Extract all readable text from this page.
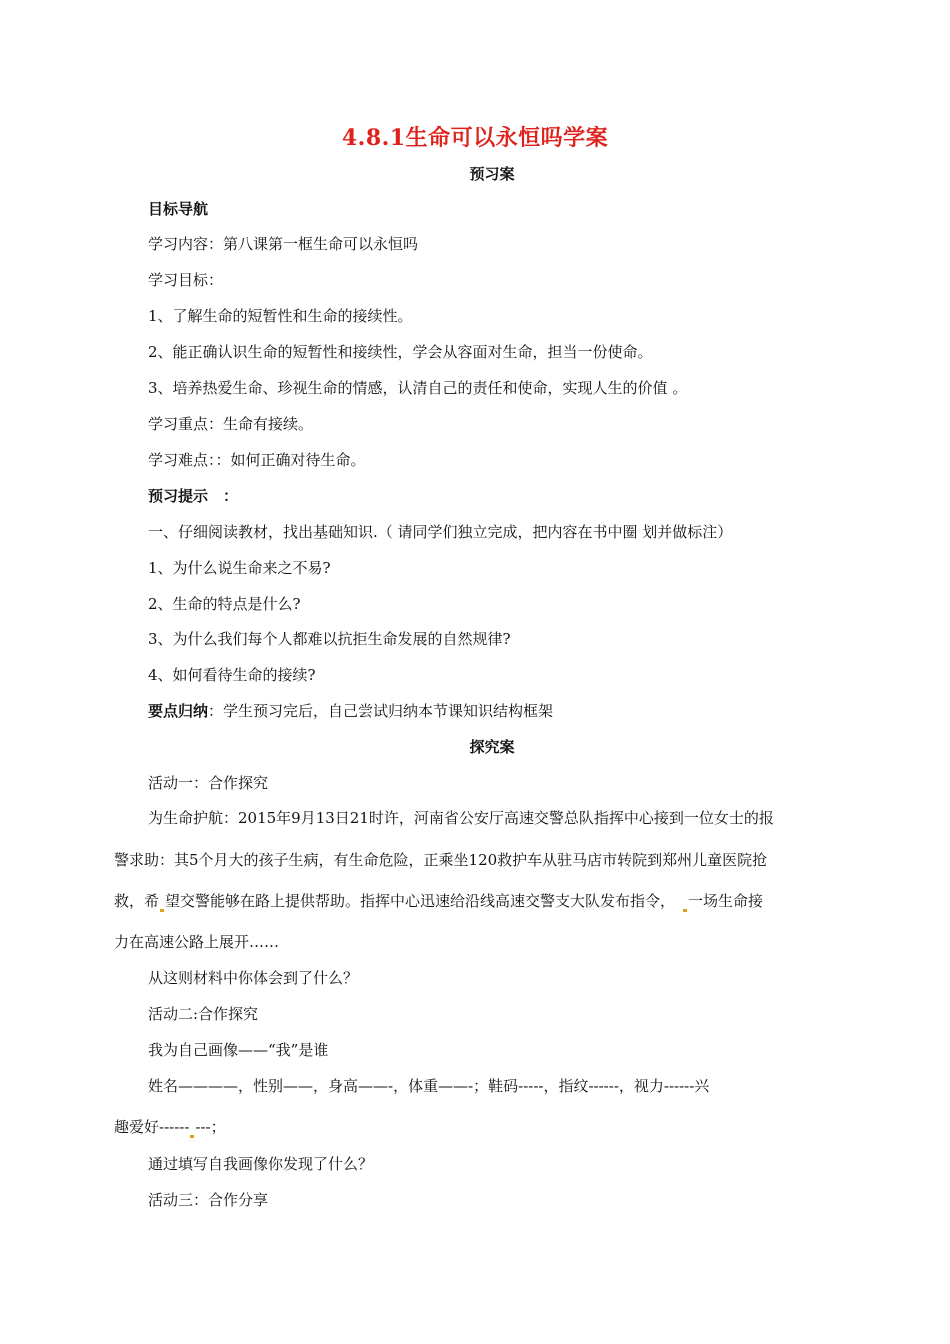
4.8.1生命可以永恒吗学案
预习案
目标导航
学习内容：第八课第一框生命可以永恒吗
学习目标：
1、了解生命的短暂性和生命的接续性。
2、能正确认识生命的短暂性和接续性，学会从容面对生命，担当一份使命。
3、培养热爱生命、珍视生命的情感，认清自己的责任和使命，实现人生的价值 。
学习重点：生命有接续。
学习难点：：如何正确对待生命。
预习提示　：
一、仔细阅读教材，找出基础知识.（ 请同学们独立完成，把内容在书中圈 划并做标注）
1、为什么说生命来之不易?
2、生命的特点是什么?
3、为什么我们每个人都难以抗拒生命发展的自然规律?
4、如何看待生命的接续?
要点归纳：学生预习完后，自己尝试归纳本节课知识结构框架
探究案
活动一：合作探究
为生命护航：2015年9月13日21时许，河南省公安厅高速交警总队指挥中心接到一位女士的报
警求助：其5个月大的孩子生病，有生命危险，正乘坐120救护车从驻马店市转院到郑州儿童医院抢
救，希 望交警能够在路上提供帮助。指挥中心迅速给沿线高速交警支大队发布指令， 一场生命接
力在高速公路上展开……
从这则材料中你体会到了什么？
活动二:合作探究
我为自己画像——“我”是谁
姓名————，性别——，身高——-，体重——-；鞋码-----，指纹------，视力------兴
趣爱好------ ---；
通过填写自我画像你发现了什么？
活动三：合作分享
